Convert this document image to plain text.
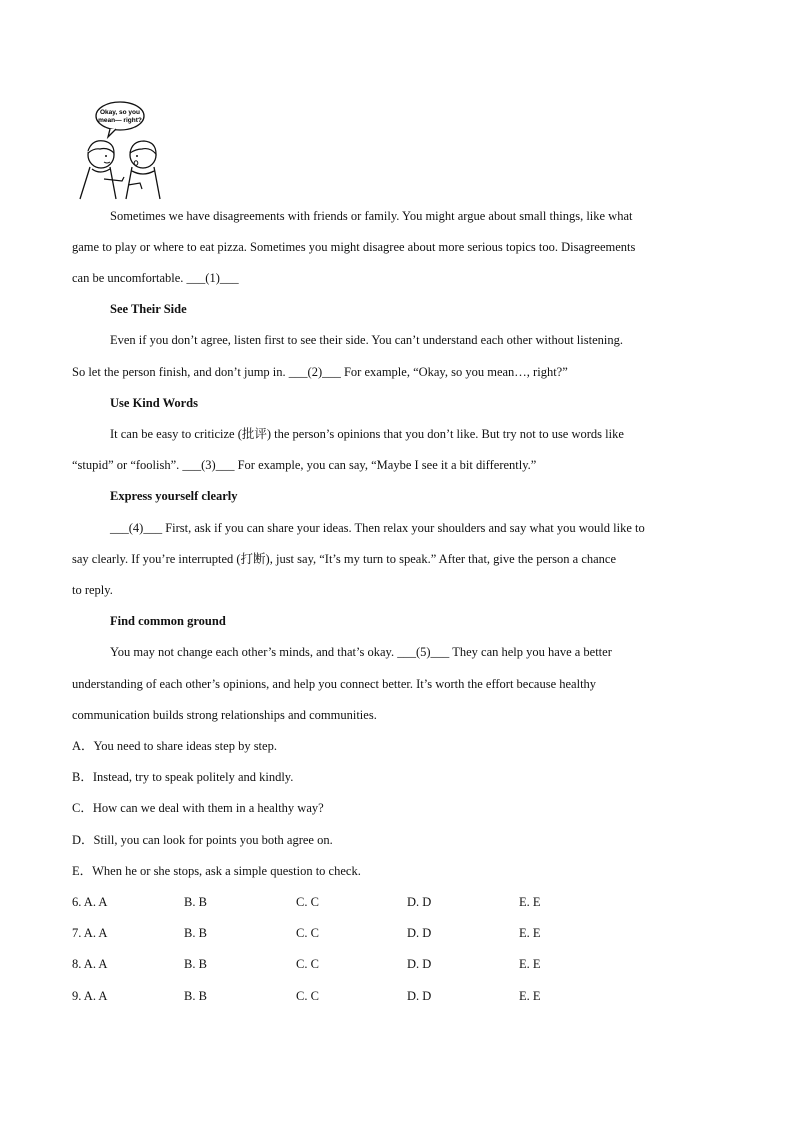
Okay, so you
mean— right?
Sometimes we have disagreements with friends or family. You might argue about small things, like what
game to play or where to eat pizza. Sometimes you might disagree about more serious topics too. Disagreements
can be uncomfortable. ___(1)___
See Their Side
Even if you don’t agree, listen first to see their side. You can’t understand each other without listening.
So let the person finish, and don’t jump in. ___(2)___ For example, “Okay, so you mean…, right?”
Use Kind Words
It can be easy to criticize (批评) the person’s opinions that you don’t like. But try not to use words like
“stupid” or “foolish”. ___(3)___ For example, you can say, “Maybe I see it a bit differently.”
Express yourself clearly
___(4)___ First, ask if you can share your ideas. Then relax your shoulders and say what you would like to
say clearly. If you’re interrupted (打断), just say, “It’s my turn to speak.” After that, give the person a chance
to reply.
Find common ground
You may not change each other’s minds, and that’s okay. ___(5)___ They can help you have a better
understanding of each other’s opinions, and help you connect better. It’s worth the effort because healthy
communication builds strong relationships and communities.
A．You need to share ideas step by step.
B．Instead, try to speak politely and kindly.
C．How can we deal with them in a healthy way?
D．Still, you can look for points you both agree on.
E．When he or she stops, ask a simple question to check.
6. A. A	B. B	C. C	D. D	E. E
7. A. A	B. B	C. C	D. D	E. E
8. A. A	B. B	C. C	D. D	E. E
9. A. A	B. B	C. C	D. D	E. E
